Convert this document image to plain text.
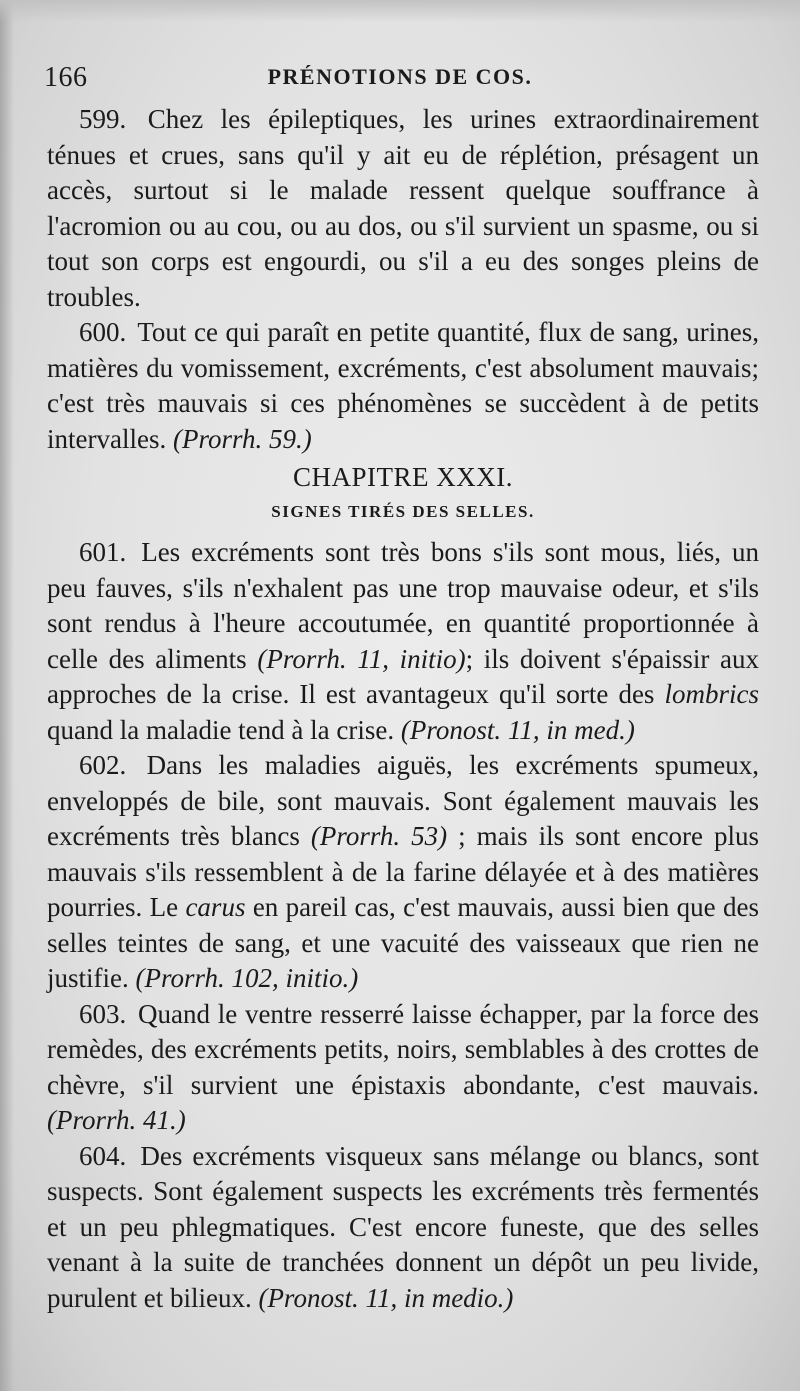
166	PRÉNOTIONS DE COS.

599. Chez les épileptiques, les urines extraordinairement ténues et crues, sans qu'il y ait eu de réplétion, présagent un accès, surtout si le malade ressent quelque souffrance à l'acromion ou au cou, ou au dos, ou s'il survient un spasme, ou si tout son corps est engourdi, ou s'il a eu des songes pleins de troubles.

600. Tout ce qui paraît en petite quantité, flux de sang, urines, matières du vomissement, excréments, c'est absolument mauvais; c'est très mauvais si ces phénomènes se succèdent à de petits intervalles. (Prorrh. 59.)

CHAPITRE XXXI.
SIGNES TIRÉS DES SELLES.

601. Les excréments sont très bons s'ils sont mous, liés, un peu fauves, s'ils n'exhalent pas une trop mauvaise odeur, et s'ils sont rendus à l'heure accoutumée, en quantité proportionnée à celle des aliments (Prorrh. 11, initio); ils doivent s'épaissir aux approches de la crise. Il est avantageux qu'il sorte des lombrics quand la maladie tend à la crise. (Pronost. 11, in med.)

602. Dans les maladies aiguës, les excréments spumeux, enveloppés de bile, sont mauvais. Sont également mauvais les excréments très blancs (Prorrh. 53) ; mais ils sont encore plus mauvais s'ils ressemblent à de la farine délayée et à des matières pourries. Le carus en pareil cas, c'est mauvais, aussi bien que des selles teintes de sang, et une vacuité des vaisseaux que rien ne justifie. (Prorrh. 102, initio.)

603. Quand le ventre resserré laisse échapper, par la force des remèdes, des excréments petits, noirs, semblables à des crottes de chèvre, s'il survient une épistaxis abondante, c'est mauvais. (Prorrh. 41.)

604. Des excréments visqueux sans mélange ou blancs, sont suspects. Sont également suspects les excréments très fermentés et un peu phlegmatiques. C'est encore funeste, que des selles venant à la suite de tranchées donnent un dépôt un peu livide, purulent et bilieux. (Pronost. 11, in medio.)
